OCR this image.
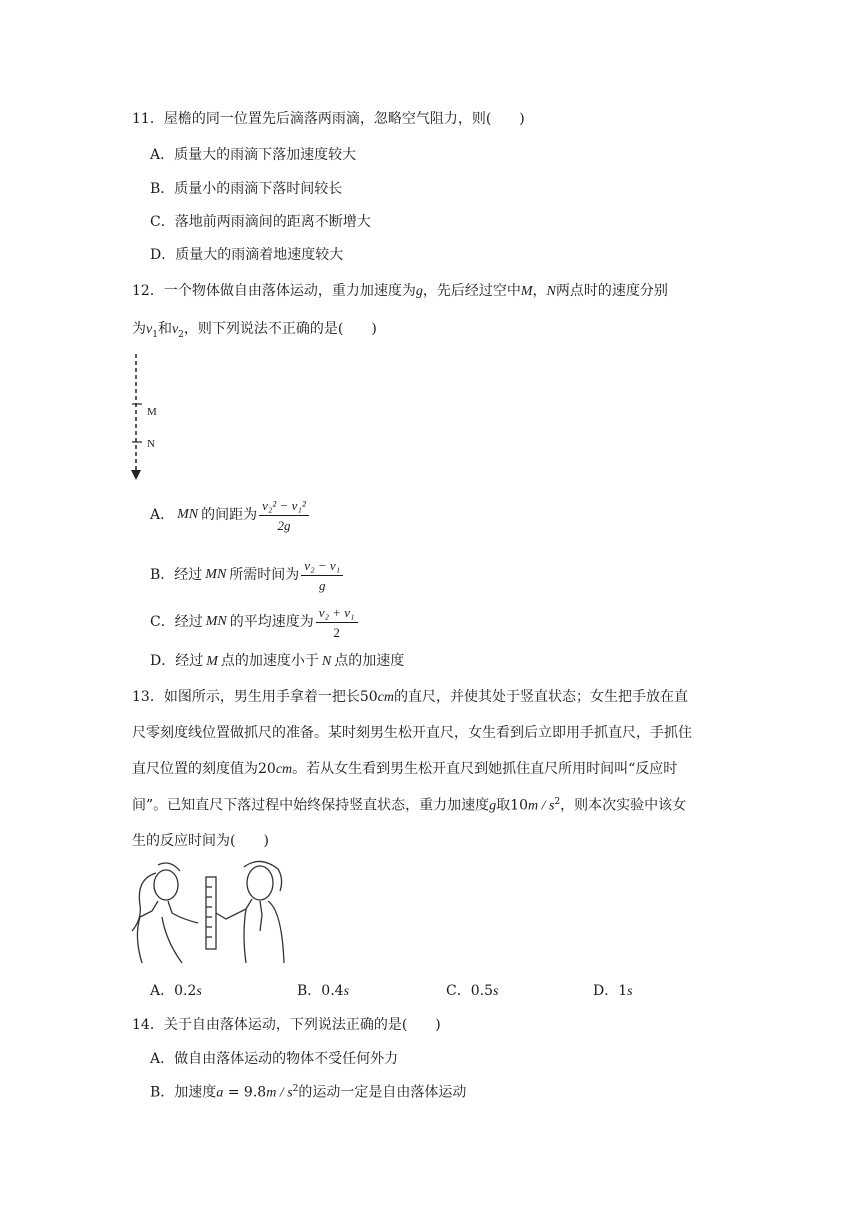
11．屋檐的同一位置先后滴落两雨滴，忽略空气阻力，则(　　)
A．质量大的雨滴下落加速度较大
B．质量小的雨滴下落时间较长
C．落地前两雨滴间的距离不断增大
D．质量大的雨滴着地速度较大
12．一个物体做自由落体运动，重力加速度为g，先后经过空中M，N两点时的速度分别
为$v_1$和$v_2$，则下列说法不正确的是(　　)
M
N
A． MN 的间距为 $\frac{\text{v₂² − v₁²}}{2g}$
B．经过 MN 所需时间为 $\frac{\text{v₂ − v₁}}{g}$
C．经过 MN 的平均速度为 $\frac{\text{v₂ + v₁}}{2}$
D．经过 M 点的加速度小于 N 点的加速度
13．如图所示，男生用手拿着一把长50cm的直尺，并使其处于竖直状态；女生把手放在直
尺零刻度线位置做抓尺的准备。某时刻男生松开直尺，女生看到后立即用手抓直尺，手抓住
直尺位置的刻度值为20cm。若从女生看到男生松开直尺到她抓住直尺所用时间叫“反应时
间”。已知直尺下落过程中始终保持竖直状态，重力加速度g取$10m / s^2$，则本次实验中该女
生的反应时间为(　　)
A．0.2s	B．0.4s	C．0.5s	D．1s
14．关于自由落体运动，下列说法正确的是(　　)
A．做自由落体运动的物体不受任何外力
B．加速度$a = 9.8m / s^2$的运动一定是自由落体运动
